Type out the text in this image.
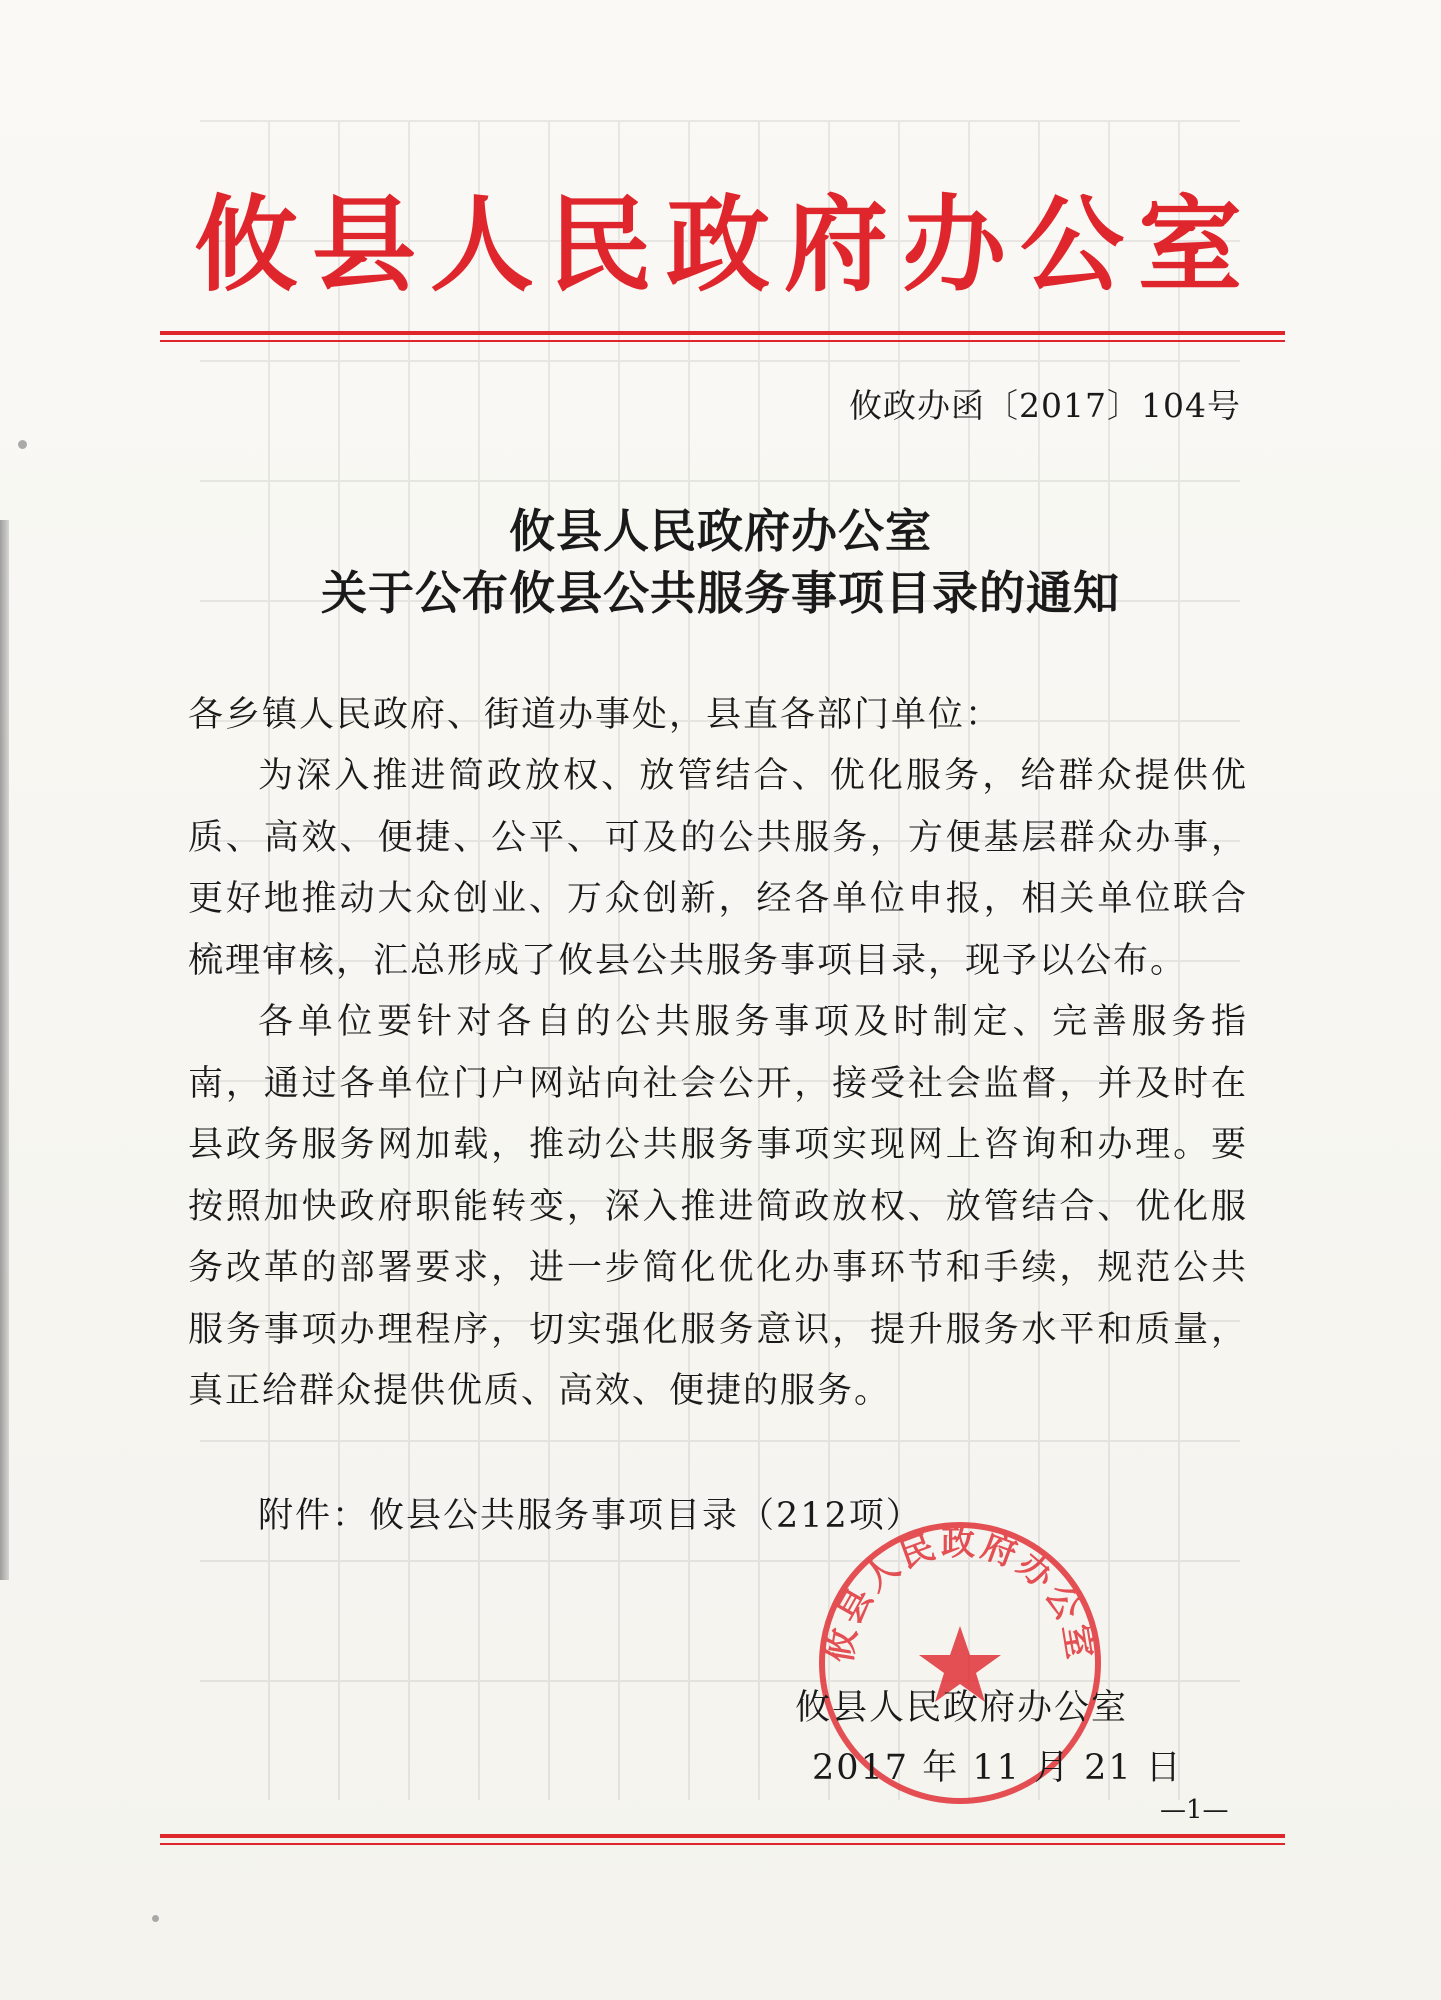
攸县人民政府办公室
攸政办函〔2017〕104号
攸县人民政府办公室
关于公布攸县公共服务事项目录的通知
各乡镇人民政府、街道办事处，县直各部门单位：
为深入推进简政放权、放管结合、优化服务，给群众提供优质、高效、便捷、公平、可及的公共服务，方便基层群众办事，更好地推动大众创业、万众创新，经各单位申报，相关单位联合梳理审核，汇总形成了攸县公共服务事项目录，现予以公布。
各单位要针对各自的公共服务事项及时制定、完善服务指南，通过各单位门户网站向社会公开，接受社会监督，并及时在县政务服务网加载，推动公共服务事项实现网上咨询和办理。要按照加快政府职能转变，深入推进简政放权、放管结合、优化服务改革的部署要求，进一步简化优化办事环节和手续，规范公共服务事项办理程序，切实强化服务意识，提升服务水平和质量，真正给群众提供优质、高效、便捷的服务。
附件：攸县公共服务事项目录（212项）
攸县人民政府办公室
攸县人民政府办公室
2017 年 11 月 21 日
—1—
